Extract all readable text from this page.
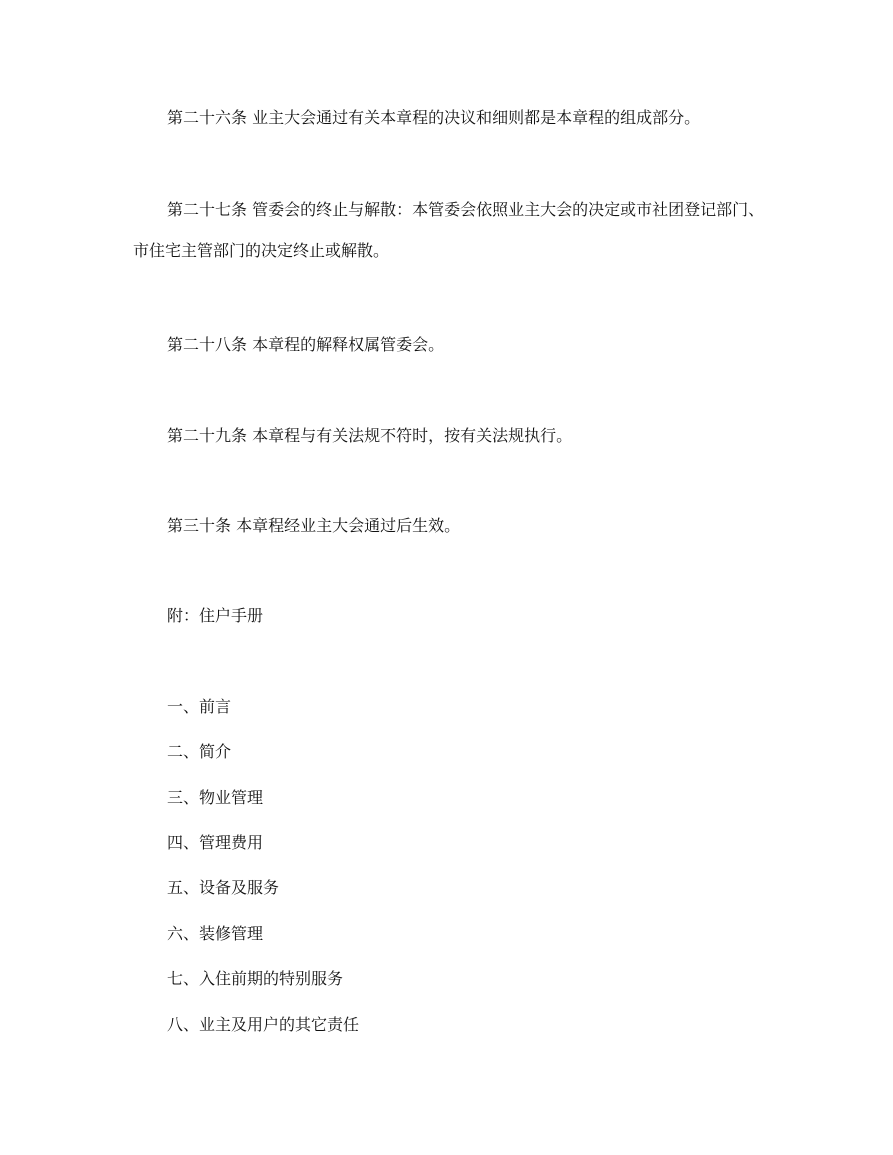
第二十六条 业主大会通过有关本章程的决议和细则都是本章程的组成部分。

第二十七条 管委会的终止与解散：本管委会依照业主大会的决定或市社团登记部门、市住宅主管部门的决定终止或解散。

第二十八条 本章程的解释权属管委会。

第二十九条 本章程与有关法规不符时，按有关法规执行。

第三十条 本章程经业主大会通过后生效。

附：住户手册

一、前言

二、简介

三、物业管理

四、管理费用

五、设备及服务

六、装修管理

七、入住前期的特别服务

八、业主及用户的其它责任
